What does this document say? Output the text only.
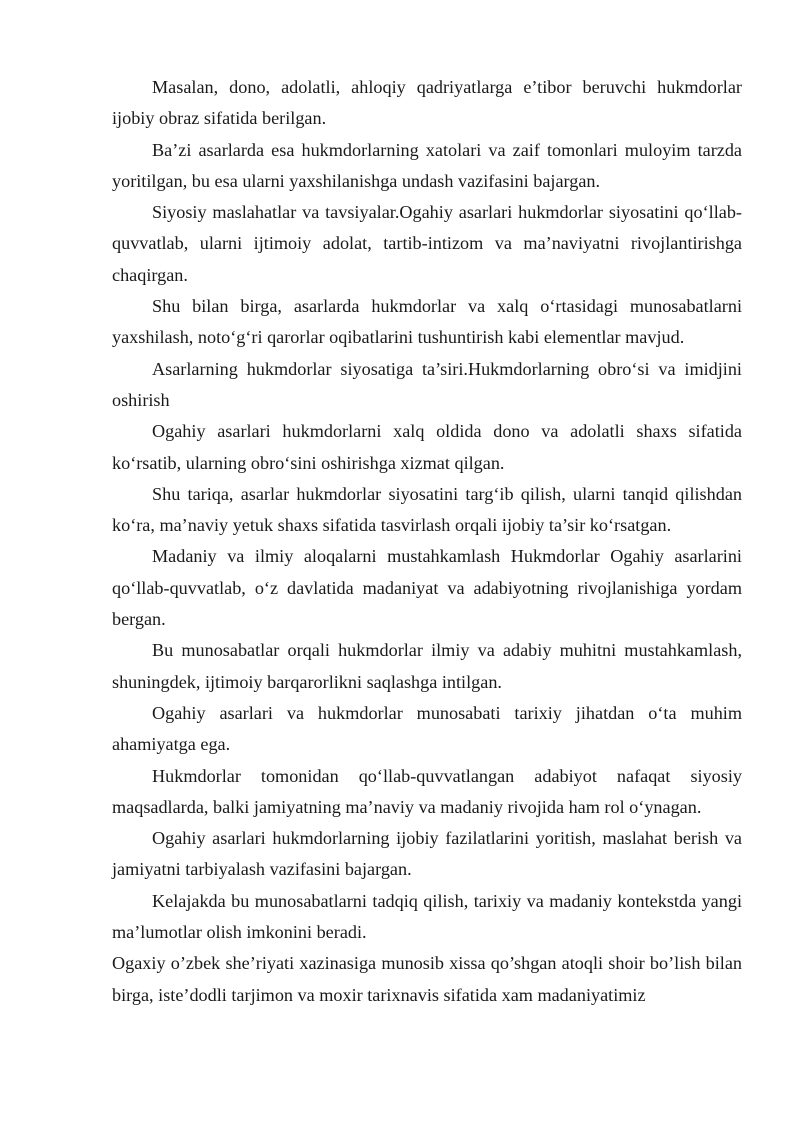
Masalan, dono, adolatli, ahloqiy qadriyatlarga e’tibor beruvchi hukmdorlar ijobiy obraz sifatida berilgan.

Ba’zi asarlarda esa hukmdorlarning xatolari va zaif tomonlari muloyim tarzda yoritilgan, bu esa ularni yaxshilanishga undash vazifasini bajargan.

Siyosiy maslahatlar va tavsiyalar.Ogahiy asarlari hukmdorlar siyosatini qo‘llab-quvvatlab, ularni ijtimoiy adolat, tartib-intizom va ma’naviyatni rivojlantirishga chaqirgan.

Shu bilan birga, asarlarda hukmdorlar va xalq o‘rtasidagi munosabatlarni yaxshilash, noto‘g‘ri qarorlar oqibatlarini tushuntirish kabi elementlar mavjud.

Asarlarning hukmdorlar siyosatiga ta’siri.Hukmdorlarning obro‘si va imidjini oshirish

Ogahiy asarlari hukmdorlarni xalq oldida dono va adolatli shaxs sifatida ko‘rsatib, ularning obro‘sini oshirishga xizmat qilgan.

Shu tariqa, asarlar hukmdorlar siyosatini targ‘ib qilish, ularni tanqid qilishdan ko‘ra, ma’naviy yetuk shaxs sifatida tasvirlash orqali ijobiy ta’sir ko‘rsatgan.

Madaniy va ilmiy aloqalarni mustahkamlash Hukmdorlar Ogahiy asarlarini qo‘llab-quvvatlab, o‘z davlatida madaniyat va adabiyotning rivojlanishiga yordam bergan.

Bu munosabatlar orqali hukmdorlar ilmiy va adabiy muhitni mustahkamlash, shuningdek, ijtimoiy barqarorlikni saqlashga intilgan.

Ogahiy asarlari va hukmdorlar munosabati tarixiy jihatdan o‘ta muhim ahamiyatga ega.

Hukmdorlar tomonidan qo‘llab-quvvatlangan adabiyot nafaqat siyosiy maqsadlarda, balki jamiyatning ma’naviy va madaniy rivojida ham rol o‘ynagan.

Ogahiy asarlari hukmdorlarning ijobiy fazilatlarini yoritish, maslahat berish va jamiyatni tarbiyalash vazifasini bajargan.

Kelajakda bu munosabatlarni tadqiq qilish, tarixiy va madaniy kontekstda yangi ma’lumotlar olish imkonini beradi.

Ogaxiy o’zbek she’riyati xazinasiga munosib xissa qo’shgan atoqli shoir bo’lish bilan birga, iste’dodli tarjimon va moxir tarixnavis sifatida xam madaniyatimiz
